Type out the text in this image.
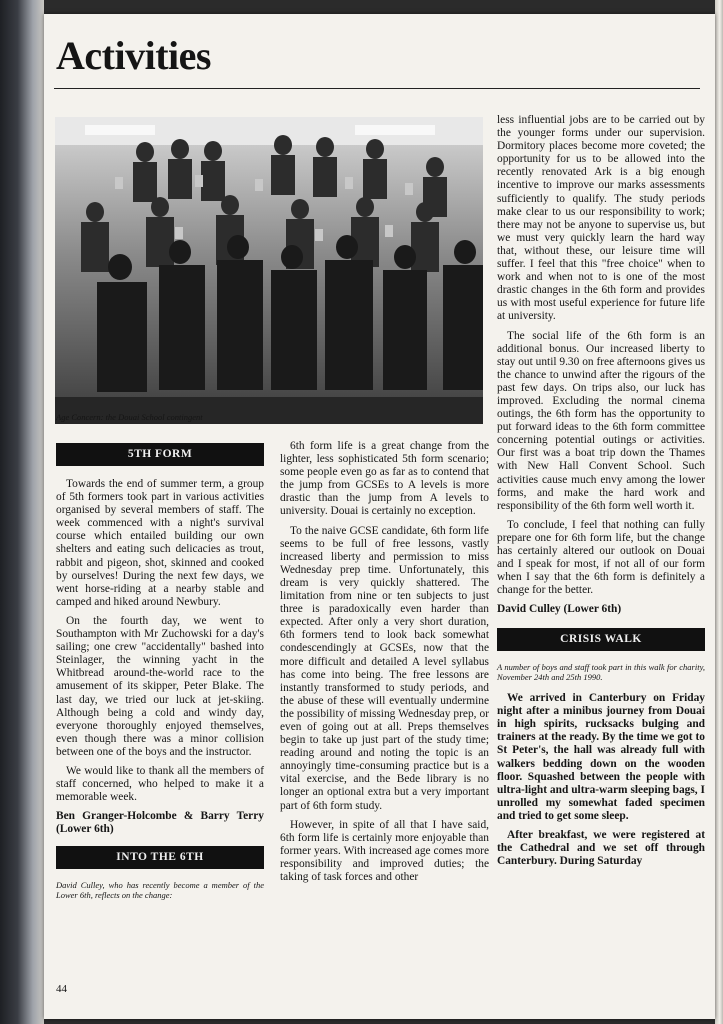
Activities
Age Concern: the Douai School contingent
5TH FORM

Towards the end of summer term, a group of 5th formers took part in various activities organised by several members of staff. The week commenced with a night's survival course which entailed building our own shelters and eating such delicacies as trout, rabbit and pigeon, shot, skinned and cooked by ourselves! During the next few days, we went horse-riding at a nearby stable and camped and hiked around Newbury.

On the fourth day, we went to Southampton with Mr Zuchowski for a day's sailing; one crew "accidentally" bashed into Steinlager, the winning yacht in the Whitbread around-the-world race to the amusement of its skipper, Peter Blake. The last day, we tried our luck at jet-skiing. Although being a cold and windy day, everyone thoroughly enjoyed themselves, even though there was a minor collision between one of the boys and the instructor.

We would like to thank all the members of staff concerned, who helped to make it a memorable week.

Ben Granger-Holcombe & Barry Terry (Lower 6th)

INTO THE 6TH

David Culley, who has recently become a member of the Lower 6th, reflects on the change:

6th form life is a great change from the lighter, less sophisticated 5th form scenario; some people even go as far as to contend that the jump from GCSEs to A levels is more drastic than the jump from A levels to university. Douai is certainly no exception.

To the naive GCSE candidate, 6th form life seems to be full of free lessons, vastly increased liberty and permission to miss Wednesday prep time. Unfortunately, this dream is very quickly shattered. The limitation from nine or ten subjects to just three is paradoxically even harder than expected. After only a very short duration, 6th formers tend to look back somewhat condescendingly at GCSEs, now that the more difficult and detailed A level syllabus has come into being. The free lessons are instantly transformed to study periods, and the abuse of these will eventually undermine the possibility of missing Wednesday prep, or even of going out at all. Preps themselves begin to take up just part of the study time; reading around and noting the topic is an annoyingly time-consuming practice but is a vital exercise, and the Bede library is no longer an optional extra but a very important part of 6th form study.

However, in spite of all that I have said, 6th form life is certainly more enjoyable than former years. With increased age comes more responsibility and improved duties; the taking of task forces and other

less influential jobs are to be carried out by the younger forms under our supervision. Dormitory places become more coveted; the opportunity for us to be allowed into the recently renovated Ark is a big enough incentive to improve our marks assessments sufficiently to qualify. The study periods make clear to us our responsibility to work; there may not be anyone to supervise us, but we must very quickly learn the hard way that, without these, our leisure time will suffer. I feel that this "free choice" when to work and when not to is one of the most drastic changes in the 6th form and provides us with most useful experience for future life at university.

The social life of the 6th form is an additional bonus. Our increased liberty to stay out until 9.30 on free afternoons gives us the chance to unwind after the rigours of the past few days. On trips also, our luck has improved. Excluding the normal cinema outings, the 6th form has the opportunity to put forward ideas to the 6th form committee concerning potential outings or activities. Our first was a boat trip down the Thames with New Hall Convent School. Such activities cause much envy among the lower forms, and make the hard work and responsibility of the 6th form well worth it.

To conclude, I feel that nothing can fully prepare one for 6th form life, but the change has certainly altered our outlook on Douai and I speak for most, if not all of our form when I say that the 6th form is definitely a change for the better.

David Culley (Lower 6th)

CRISIS WALK

A number of boys and staff took part in this walk for charity, November 24th and 25th 1990.

We arrived in Canterbury on Friday night after a minibus journey from Douai in high spirits, rucksacks bulging and trainers at the ready. By the time we got to St Peter's, the hall was already full with walkers bedding down on the wooden floor. Squashed between the people with ultra-light and ultra-warm sleeping bags, I unrolled my somewhat faded specimen and tried to get some sleep.

After breakfast, we were registered at the Cathedral and we set off through Canterbury. During Saturday

44
